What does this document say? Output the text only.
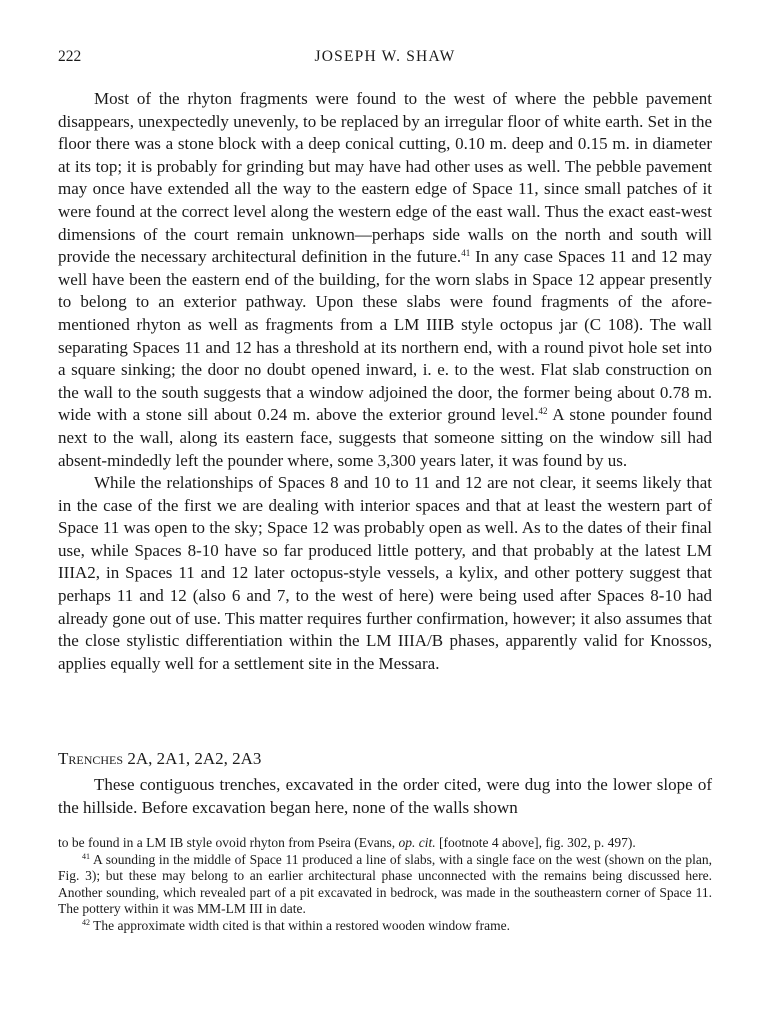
222	JOSEPH W. SHAW

Most of the rhyton fragments were found to the west of where the pebble pavement disappears, unexpectedly unevenly, to be replaced by an irregular floor of white earth. Set in the floor there was a stone block with a deep conical cutting, 0.10 m. deep and 0.15 m. in diameter at its top; it is probably for grinding but may have had other uses as well. The pebble pavement may once have extended all the way to the eastern edge of Space 11, since small patches of it were found at the correct level along the western edge of the east wall. Thus the exact east-west dimensions of the court remain unknown—perhaps side walls on the north and south will provide the necessary architectural definition in the future.$^{41}$ In any case Spaces 11 and 12 may well have been the eastern end of the building, for the worn slabs in Space 12 appear presently to belong to an exterior pathway. Upon these slabs were found fragments of the afore-mentioned rhyton as well as fragments from a LM IIIB style octopus jar (C 108). The wall separating Spaces 11 and 12 has a threshold at its northern end, with a round pivot hole set into a square sinking; the door no doubt opened inward, i. e. to the west. Flat slab construction on the wall to the south suggests that a window adjoined the door, the former being about 0.78 m. wide with a stone sill about 0.24 m. above the exterior ground level.$^{42}$ A stone pounder found next to the wall, along its eastern face, suggests that someone sitting on the window sill had absent-mindedly left the pounder where, some 3,300 years later, it was found by us.

While the relationships of Spaces 8 and 10 to 11 and 12 are not clear, it seems likely that in the case of the first we are dealing with interior spaces and that at least the western part of Space 11 was open to the sky; Space 12 was probably open as well. As to the dates of their final use, while Spaces 8-10 have so far produced little pottery, and that probably at the latest LM IIIA2, in Spaces 11 and 12 later octopus-style vessels, a kylix, and other pottery suggest that perhaps 11 and 12 (also 6 and 7, to the west of here) were being used after Spaces 8-10 had already gone out of use. This matter requires further confirmation, however; it also assumes that the close stylistic differentiation within the LM IIIA/B phases, apparently valid for Knossos, applies equally well for a settlement site in the Messara.

Trenches 2A, 2A1, 2A2, 2A3

These contiguous trenches, excavated in the order cited, were dug into the lower slope of the hillside. Before excavation began here, none of the walls shown

to be found in a LM IB style ovoid rhyton from Pseira (Evans, op. cit. [footnote 4 above], fig. 302, p. 497).

$^{41}$ A sounding in the middle of Space 11 produced a line of slabs, with a single face on the west (shown on the plan, Fig. 3); but these may belong to an earlier architectural phase unconnected with the remains being discussed here. Another sounding, which revealed part of a pit excavated in bedrock, was made in the southeastern corner of Space 11. The pottery within it was MM-LM III in date.

$^{42}$ The approximate width cited is that within a restored wooden window frame.
